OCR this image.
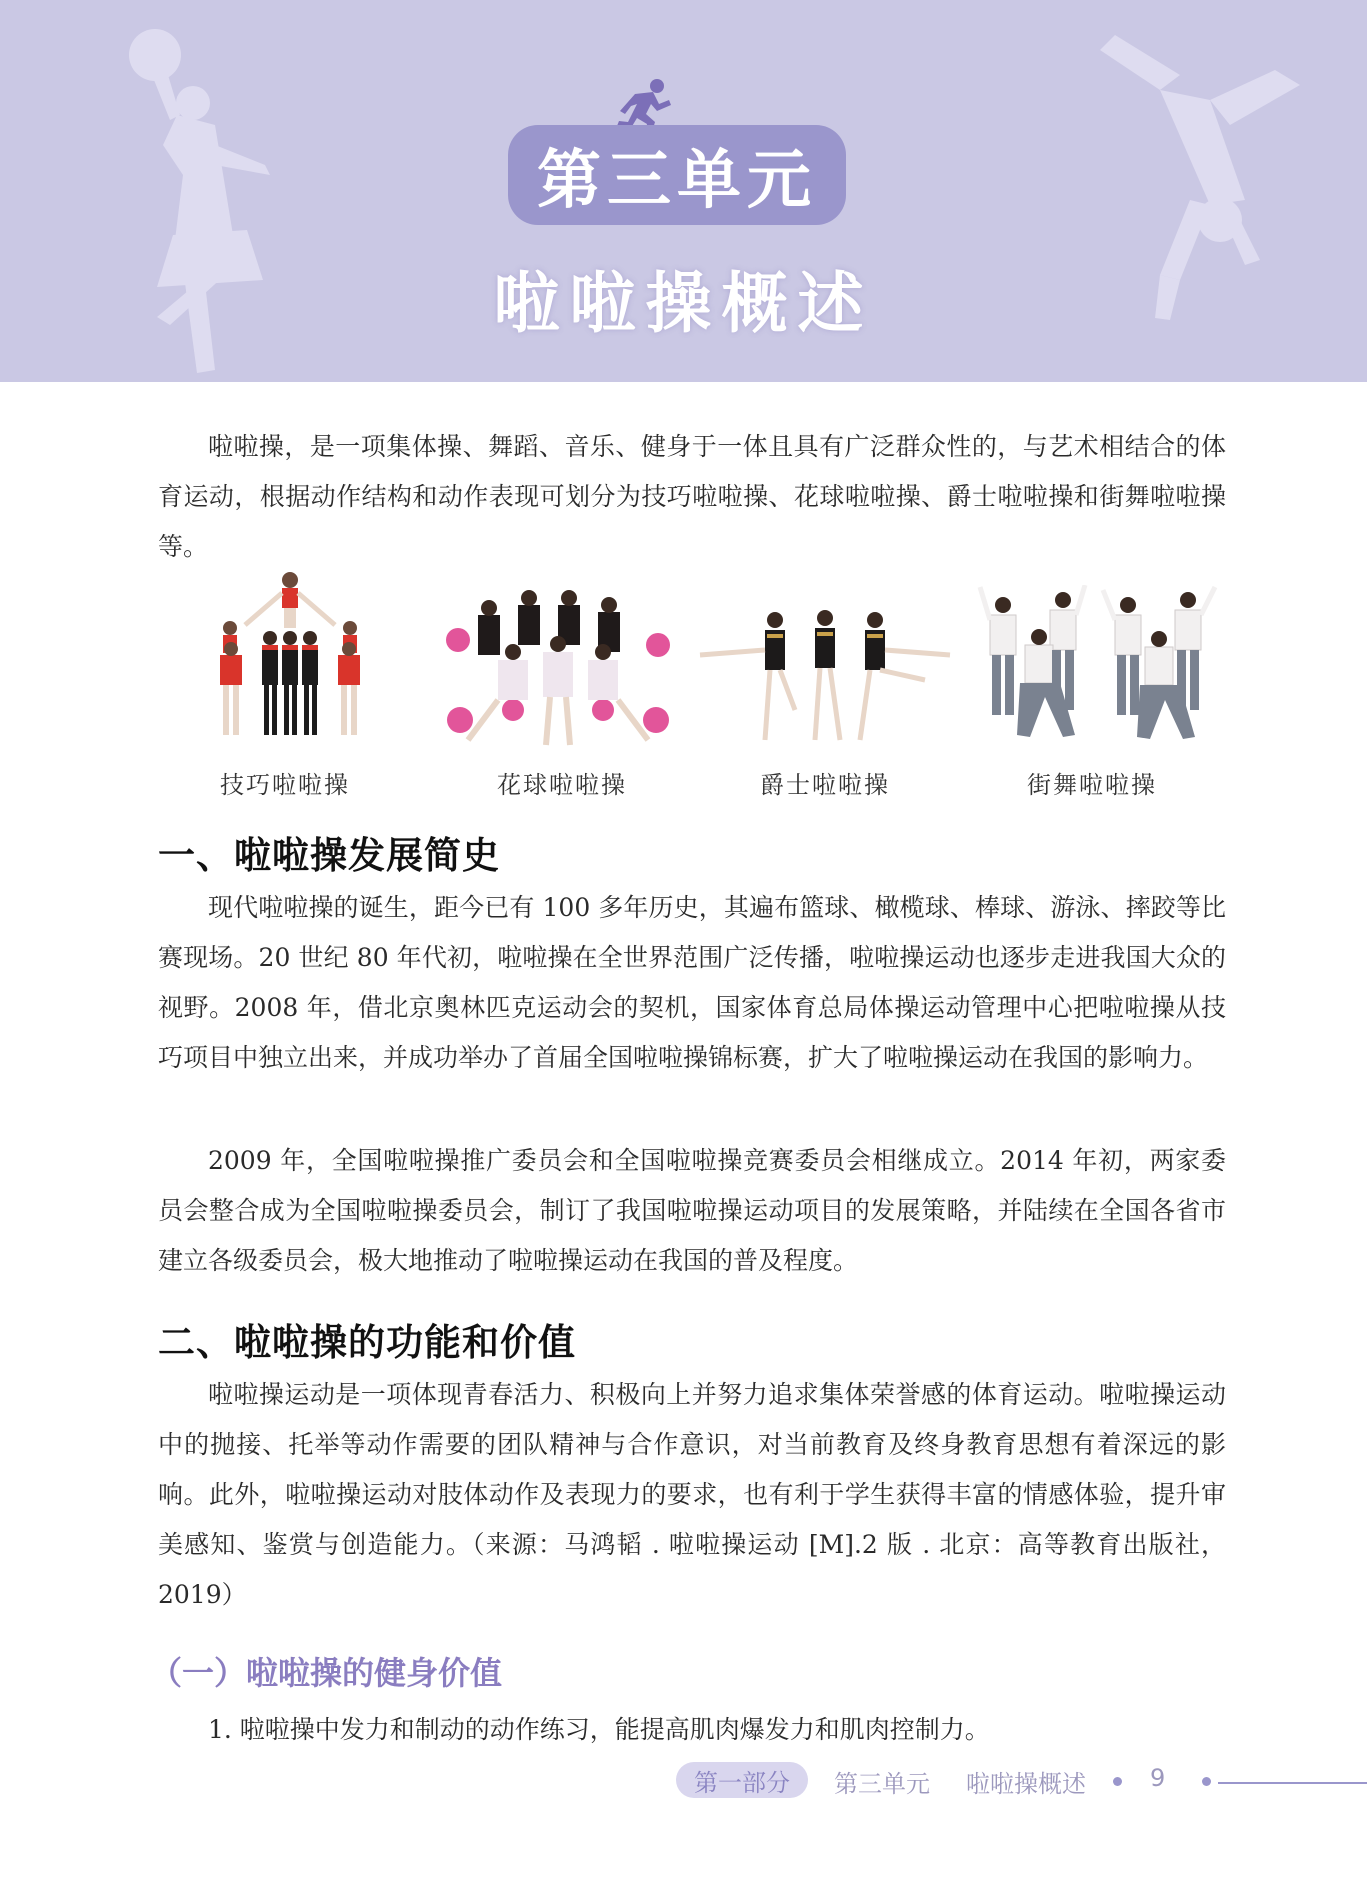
第三单元
啦啦操概述

啦啦操，是一项集体操、舞蹈、音乐、健身于一体且具有广泛群众性的，与艺术相结合的体育运动，根据动作结构和动作表现可划分为技巧啦啦操、花球啦啦操、爵士啦啦操和街舞啦啦操等。

技巧啦啦操	花球啦啦操	爵士啦啦操	街舞啦啦操
一、啦啦操发展简史

现代啦啦操的诞生，距今已有 100 多年历史，其遍布篮球、橄榄球、棒球、游泳、摔跤等比赛现场。20 世纪 80 年代初，啦啦操在全世界范围广泛传播，啦啦操运动也逐步走进我国大众的视野。2008 年，借北京奥林匹克运动会的契机，国家体育总局体操运动管理中心把啦啦操从技巧项目中独立出来，并成功举办了首届全国啦啦操锦标赛，扩大了啦啦操运动在我国的影响力。

2009 年，全国啦啦操推广委员会和全国啦啦操竞赛委员会相继成立。2014 年初，两家委员会整合成为全国啦啦操委员会，制订了我国啦啦操运动项目的发展策略，并陆续在全国各省市建立各级委员会，极大地推动了啦啦操运动在我国的普及程度。

二、啦啦操的功能和价值

啦啦操运动是一项体现青春活力、积极向上并努力追求集体荣誉感的体育运动。啦啦操运动中的抛接、托举等动作需要的团队精神与合作意识，对当前教育及终身教育思想有着深远的影响。此外，啦啦操运动对肢体动作及表现力的要求，也有利于学生获得丰富的情感体验，提升审美感知、鉴赏与创造能力。（来源：马鸿韬 . 啦啦操运动 [M].2 版 . 北京：高等教育出版社，2019）

（一）啦啦操的健身价值

1. 啦啦操中发力和制动的动作练习，能提高肌肉爆发力和肌肉控制力。

第一部分	第三单元 啦啦操概述	9
